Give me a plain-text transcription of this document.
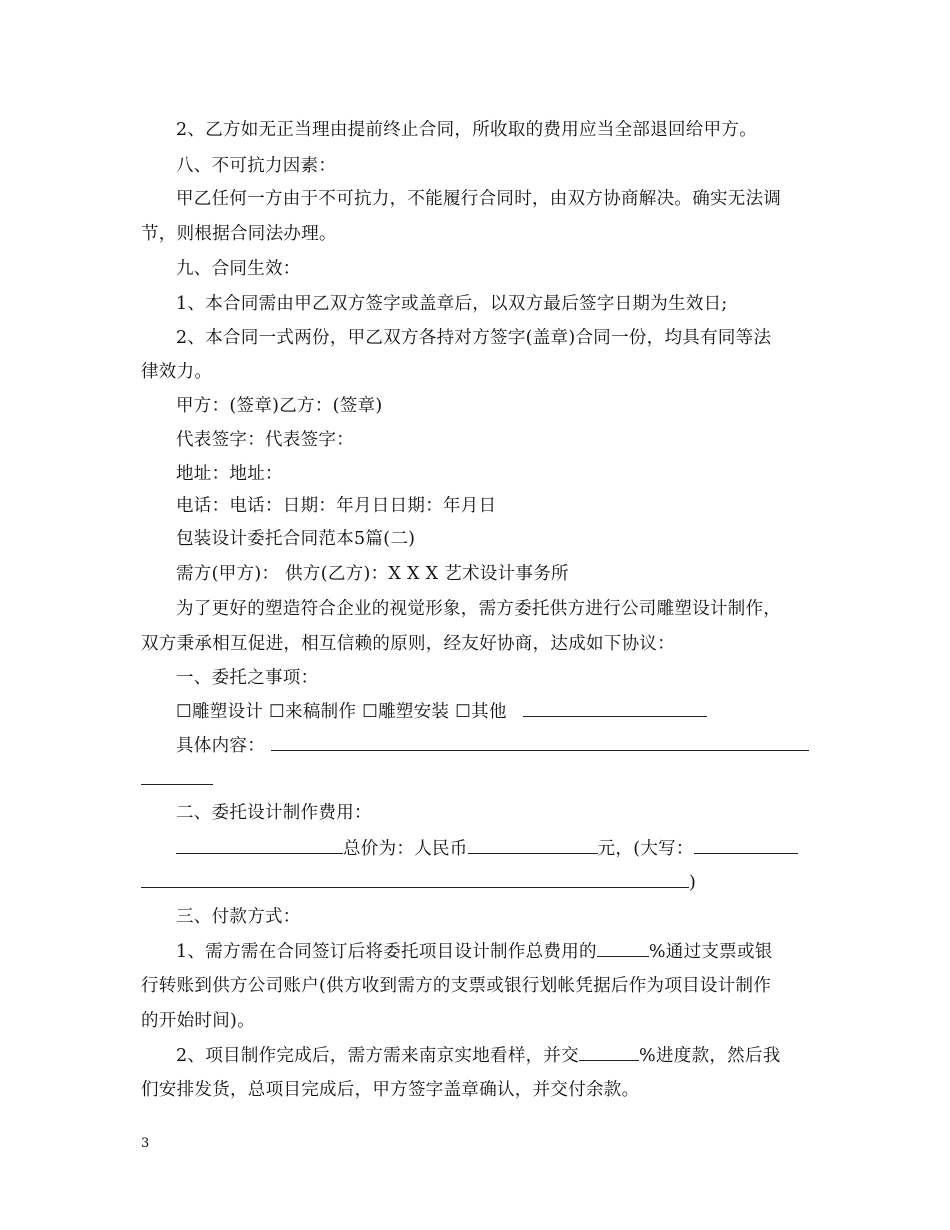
2、乙方如无正当理由提前终止合同，所收取的费用应当全部退回给甲方。
八、不可抗力因素：
甲乙任何一方由于不可抗力，不能履行合同时，由双方协商解决。确实无法调
节，则根据合同法办理。
九、合同生效：
1、本合同需由甲乙双方签字或盖章后，以双方最后签字日期为生效日;
2、本合同一式两份，甲乙双方各持对方签字(盖章)合同一份，均具有同等法
律效力。
甲方：(签章)乙方：(签章)
代表签字：代表签字：
地址：地址：
电话：电话：日期：年月日日期：年月日
包装设计委托合同范本5篇(二)
需方(甲方)： 供方(乙方)：X X X 艺术设计事务所
为了更好的塑造符合企业的视觉形象，需方委托供方进行公司雕塑设计制作，
双方秉承相互促进，相互信赖的原则，经友好协商，达成如下协议：
一、委托之事项：
☐雕塑设计 ☐来稿制作 ☐雕塑安装 ☐其他
具体内容：
二、委托设计制作费用：
总价为：人民币	元，(大写：
)
三、付款方式：
1、需方需在合同签订后将委托项目设计制作总费用的	%通过支票或银
行转账到供方公司账户(供方收到需方的支票或银行划帐凭据后作为项目设计制作
的开始时间)。
2、项目制作完成后，需方需来南京实地看样，并交	%进度款，然后我
们安排发货，总项目完成后，甲方签字盖章确认，并交付余款。
3
